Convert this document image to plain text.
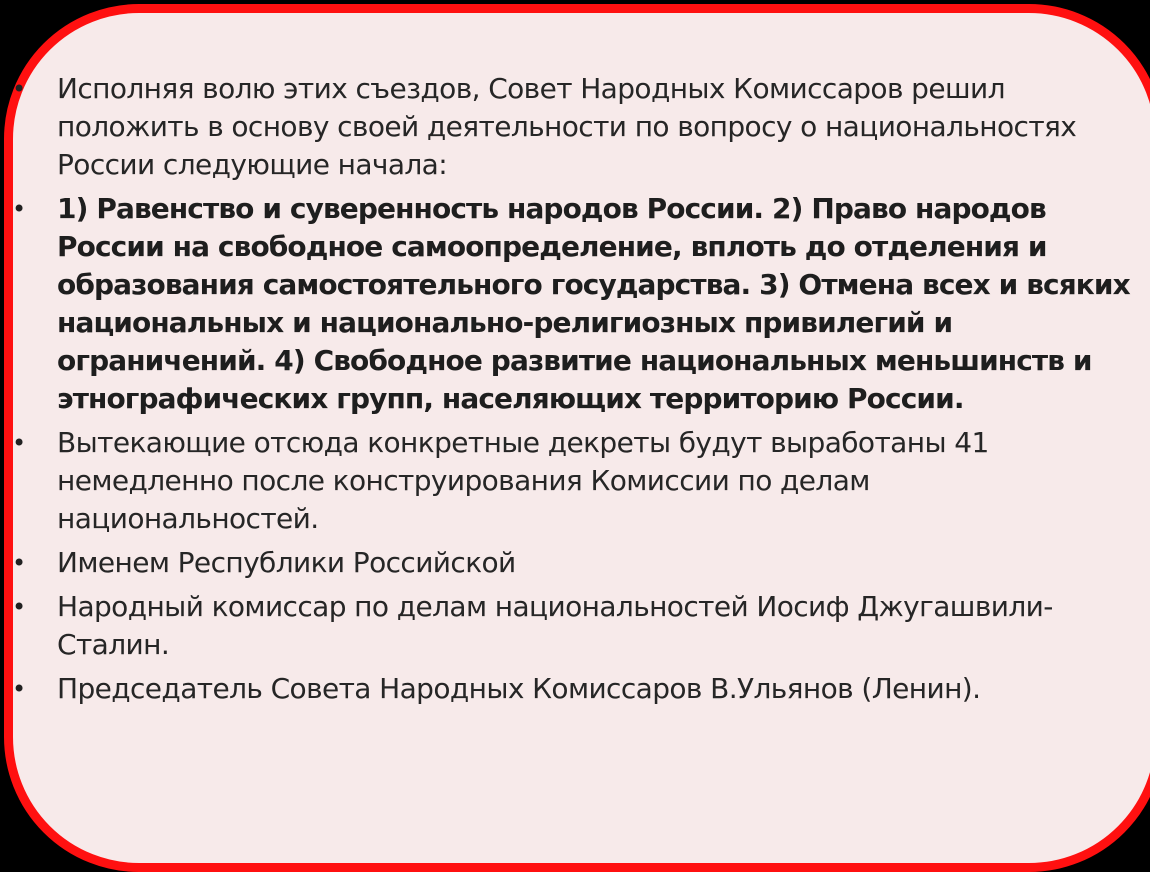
• Исполняя волю этих съездов, Совет Народных Комиссаров решил положить в основу своей деятельности по вопросу о национальностях России следующие начала:
• 1) Равенство и суверенность народов России. 2) Право народов России на свободное самоопределение, вплоть до отделения и образования самостоятельного государства. 3) Отмена всех и всяких национальных и национально-религиозных привилегий и ограничений. 4) Свободное развитие национальных меньшинств и этнографических групп, населяющих территорию России.
• Вытекающие отсюда конкретные декреты будут выработаны 41 немедленно после конструирования Комиссии по делам национальностей.
• Именем Республики Российской
• Народный комиссар по делам национальностей Иосиф Джугашвили-Сталин.
• Председатель Совета Народных Комиссаров В.Ульянов (Ленин).
